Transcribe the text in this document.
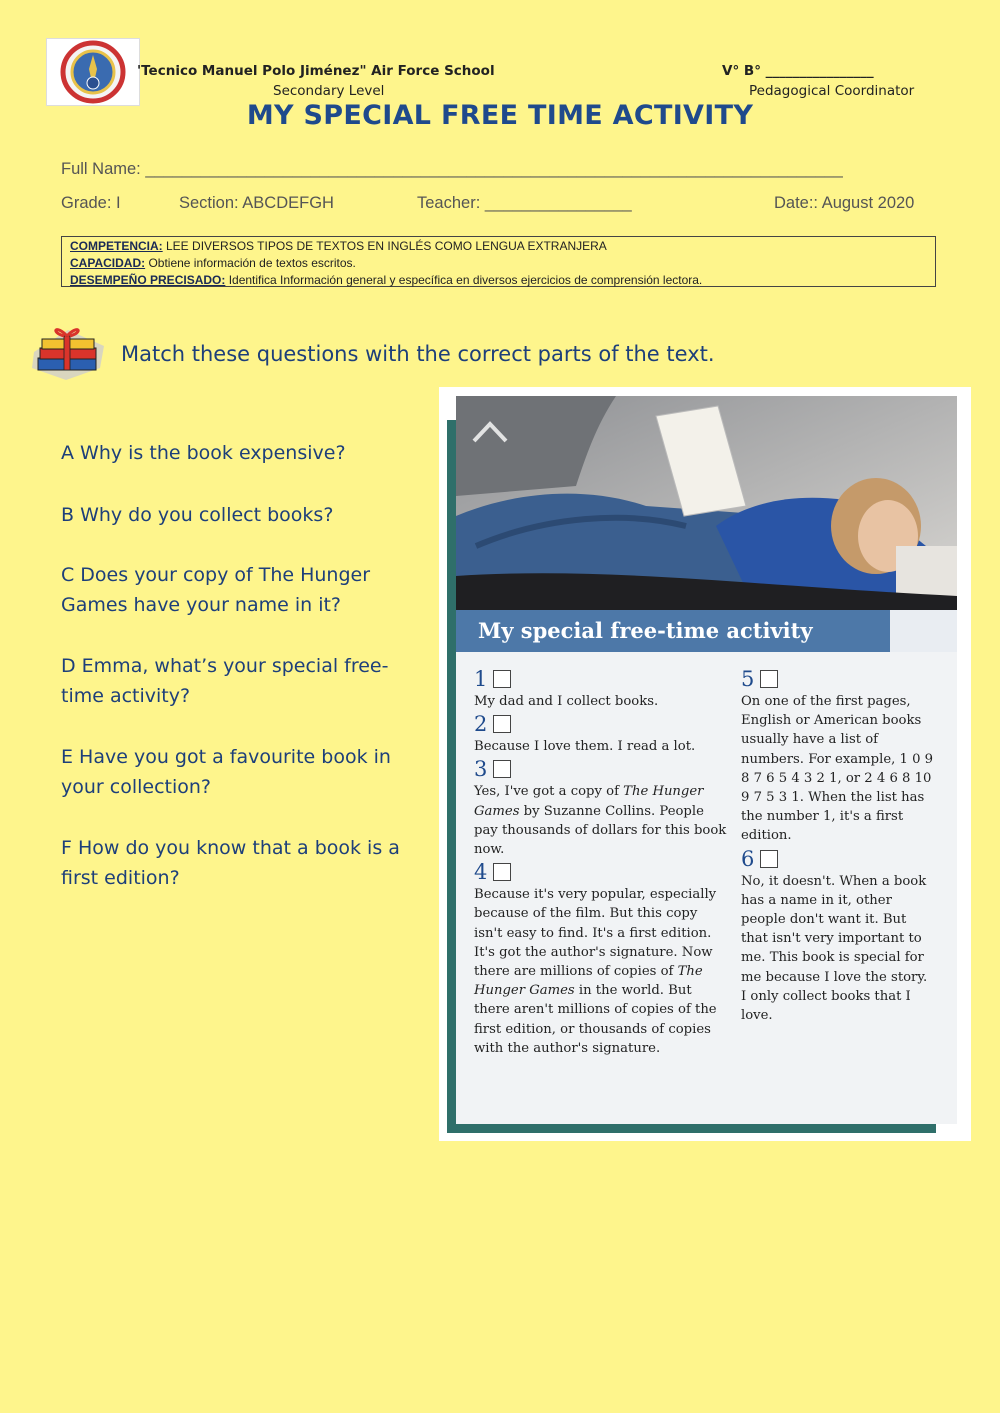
'Tecnico Manuel Polo Jiménez" Air Force School
Secondary Level
V° B° ________________
Pedagogical Coordinator
MY SPECIAL FREE TIME ACTIVITY
Full Name: ____________________________________________________________________________
Grade: I	Section: ABCDEFGH	Teacher: ________________	Date:: August 2020
COMPETENCIA: LEE DIVERSOS TIPOS DE TEXTOS EN INGLÉS COMO LENGUA EXTRANJERA
CAPACIDAD: Obtiene información de textos escritos.
DESEMPEÑO PRECISADO: Identifica Información general y específica en diversos ejercicios de comprensión lectora.
Match these questions with the correct parts of the text.
A Why is the book expensive?
B Why do you collect books?
C Does your copy of The Hunger Games have your name in it?
D Emma, what’s your special free-time activity?
E Have you got a favourite book in your collection?
F How do you know that a book is a first edition?
My special free-time activity
1
My dad and I collect books.
2
Because I love them. I read a lot.
3
Yes, I've got a copy of The Hunger Games by Suzanne Collins. People pay thousands of dollars for this book now.
4
Because it's very popular, especially because of the film. But this copy isn't easy to find. It's a first edition. It's got the author's signature. Now there are millions of copies of The Hunger Games in the world. But there aren't millions of copies of the first edition, or thousands of copies with the author's signature.
5
On one of the first pages, English or American books usually have a list of numbers. For example, 1 0 9 8 7 6 5 4 3 2 1, or 2 4 6 8 10 9 7 5 3 1. When the list has the number 1, it's a first edition.
6
No, it doesn't. When a book has a name in it, other people don't want it. But that isn't very important to me. This book is special for me because I love the story. I only collect books that I love.
